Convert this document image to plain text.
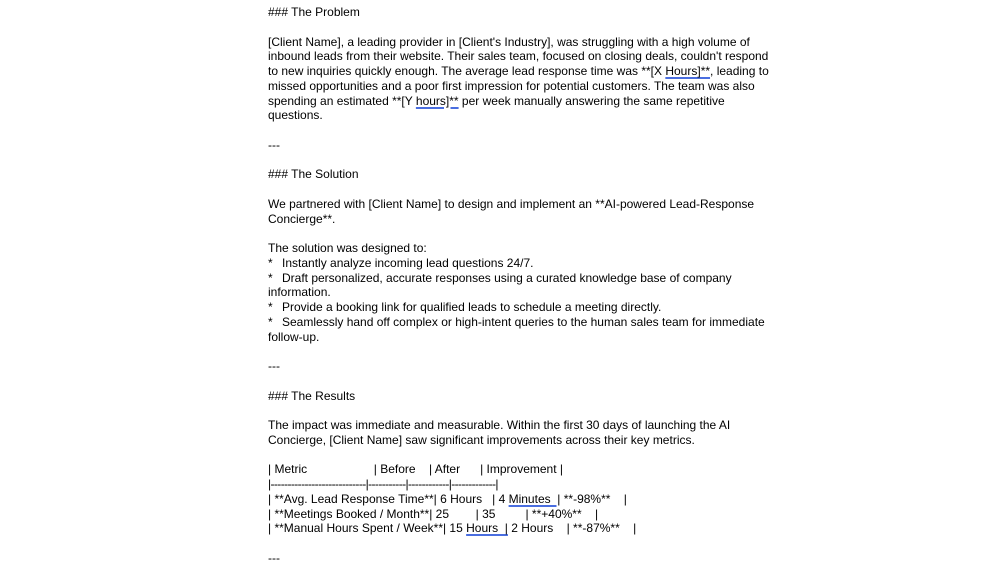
### The Problem
[Client Name], a leading provider in [Client's Industry], was struggling with a high volume of
inbound leads from their website. Their sales team, focused on closing deals, couldn't respond
to new inquiries quickly enough. The average lead response time was **[X Hours]**, leading to
missed opportunities and a poor first impression for potential customers. The team was also
spending an estimated **[Y hours]** per week manually answering the same repetitive
questions.
---
### The Solution
We partnered with [Client Name] to design and implement an **AI-powered Lead-Response
Concierge**.
The solution was designed to:
* Instantly analyze incoming lead questions 24/7.
* Draft personalized, accurate responses using a curated knowledge base of company
information.
* Provide a booking link for qualified leads to schedule a meeting directly.
* Seamlessly hand off complex or high-intent queries to the human sales team for immediate
follow-up.
---
### The Results
The impact was immediate and measurable. Within the first 30 days of launching the AI
Concierge, [Client Name] saw significant improvements across their key metrics.
| Metric                    | Before    | After      | Improvement |
|----------------------------|-----------|------------|-------------|
| **Avg. Lead Response Time**| 6 Hours   | 4 Minutes  | **-98%**    |
| **Meetings Booked / Month**| 25        | 35         | **+40%**    |
| **Manual Hours Spent / Week**| 15 Hours  | 2 Hours    | **-87%**    |
---
